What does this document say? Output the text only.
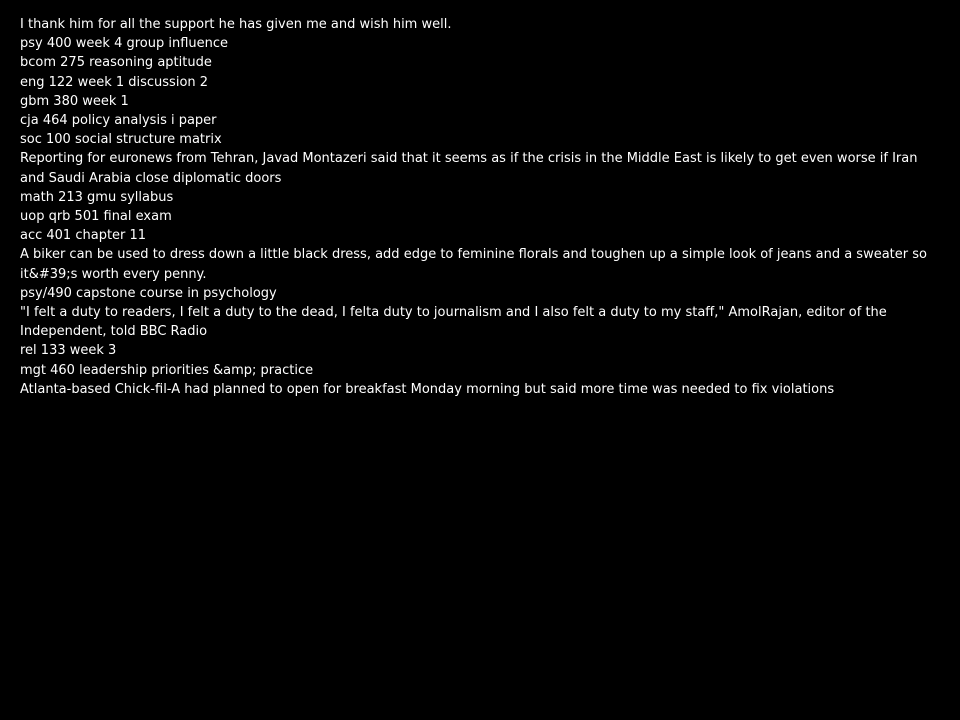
I thank him for all the support he has given me and wish him well.
psy 400 week 4 group influence
bcom 275 reasoning aptitude
eng 122 week 1 discussion 2
gbm 380 week 1
cja 464 policy analysis i paper
soc 100 social structure matrix
Reporting for euronews from Tehran, Javad Montazeri said that it seems as if the crisis in the Middle East is likely to get even worse if Iran and Saudi Arabia close diplomatic doors
math 213 gmu syllabus
uop qrb 501 final exam
acc 401 chapter 11
A biker can be used to dress down a little black dress, add edge to feminine florals and toughen up a simple look of jeans and a sweater so it&#39;s worth every penny.
psy/490 capstone course in psychology
"I felt a duty to readers, I felt a duty to the dead, I felta duty to journalism and I also felt a duty to my staff," AmolRajan, editor of the Independent, told BBC Radio
rel 133 week 3
mgt 460 leadership priorities &amp; practice
Atlanta-based Chick-fil-A had planned to open for breakfast Monday morning but said more time was needed to fix violations
